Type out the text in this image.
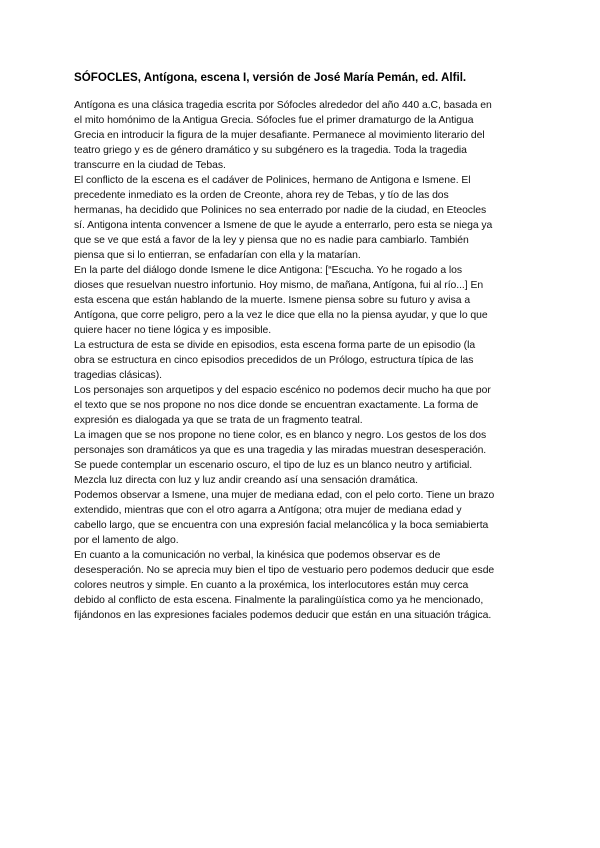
SÓFOCLES, Antígona, escena I, versión de José María Pemán, ed. Alfil.

Antígona es una clásica tragedia escrita por Sófocles alrededor del año 440 a.C, basada en

el mito homónimo de la Antigua Grecia. Sófocles fue el primer dramaturgo de la Antigua

Grecia en introducir la figura de la mujer desafiante. Permanece al movimiento literario del

teatro griego y es de género dramático y su subgénero es la tragedia. Toda la tragedia

transcurre en la ciudad de Tebas.

El conflicto de la escena es el cadáver de Polinices, hermano de Antigona e Ismene. El

precedente inmediato es la orden de Creonte, ahora rey de Tebas, y tío de las dos

hermanas, ha decidido que Polinices no sea enterrado por nadie de la ciudad, en Eteocles

sí. Antigona intenta convencer a Ismene de que le ayude a enterrarlo, pero esta se niega ya

que se ve que está a favor de la ley y piensa que no es nadie para cambiarlo. También

piensa que si lo entierran, se enfadarían con ella y la matarían.

En la parte del diálogo donde Ismene le dice Antigona: [“Escucha. Yo he rogado a los

dioses que resuelvan nuestro infortunio. Hoy mismo, de mañana, Antígona, fui al río...] En

esta escena que están hablando de la muerte. Ismene piensa sobre su futuro y avisa a

Antígona, que corre peligro, pero a la vez le dice que ella no la piensa ayudar, y que lo que

quiere hacer no tiene lógica y es imposible.

La estructura de esta se divide en episodios, esta escena forma parte de un episodio (la

obra se estructura en cinco episodios precedidos de un Prólogo, estructura típica de las

tragedias clásicas).

Los personajes son arquetipos y del espacio escénico no podemos decir mucho ha que por

el texto que se nos propone no nos dice donde se encuentran exactamente. La forma de

expresión es dialogada ya que se trata de un fragmento teatral.

La imagen que se nos propone no tiene color, es en blanco y negro. Los gestos de los dos

personajes son dramáticos ya que es una tragedia y las miradas muestran desesperación.

Se puede contemplar un escenario oscuro, el tipo de luz es un blanco neutro y artificial.

Mezcla luz directa con luz y luz andir creando así una sensación dramática.

Podemos observar a Ismene, una mujer de mediana edad, con el pelo corto. Tiene un brazo

extendido, mientras que con el otro agarra a Antígona; otra mujer de mediana edad y

cabello largo, que se encuentra con una expresión facial melancólica y la boca semiabierta

por el lamento de algo.

En cuanto a la comunicación no verbal, la kinésica que podemos observar es de

desesperación. No se aprecia muy bien el tipo de vestuario pero podemos deducir que esde

colores neutros y simple. En cuanto a la proxémica, los interlocutores están muy cerca

debido al conflicto de esta escena. Finalmente la paralingüística como ya he mencionado,

fijándonos en las expresiones faciales podemos deducir que están en una situación trágica.
